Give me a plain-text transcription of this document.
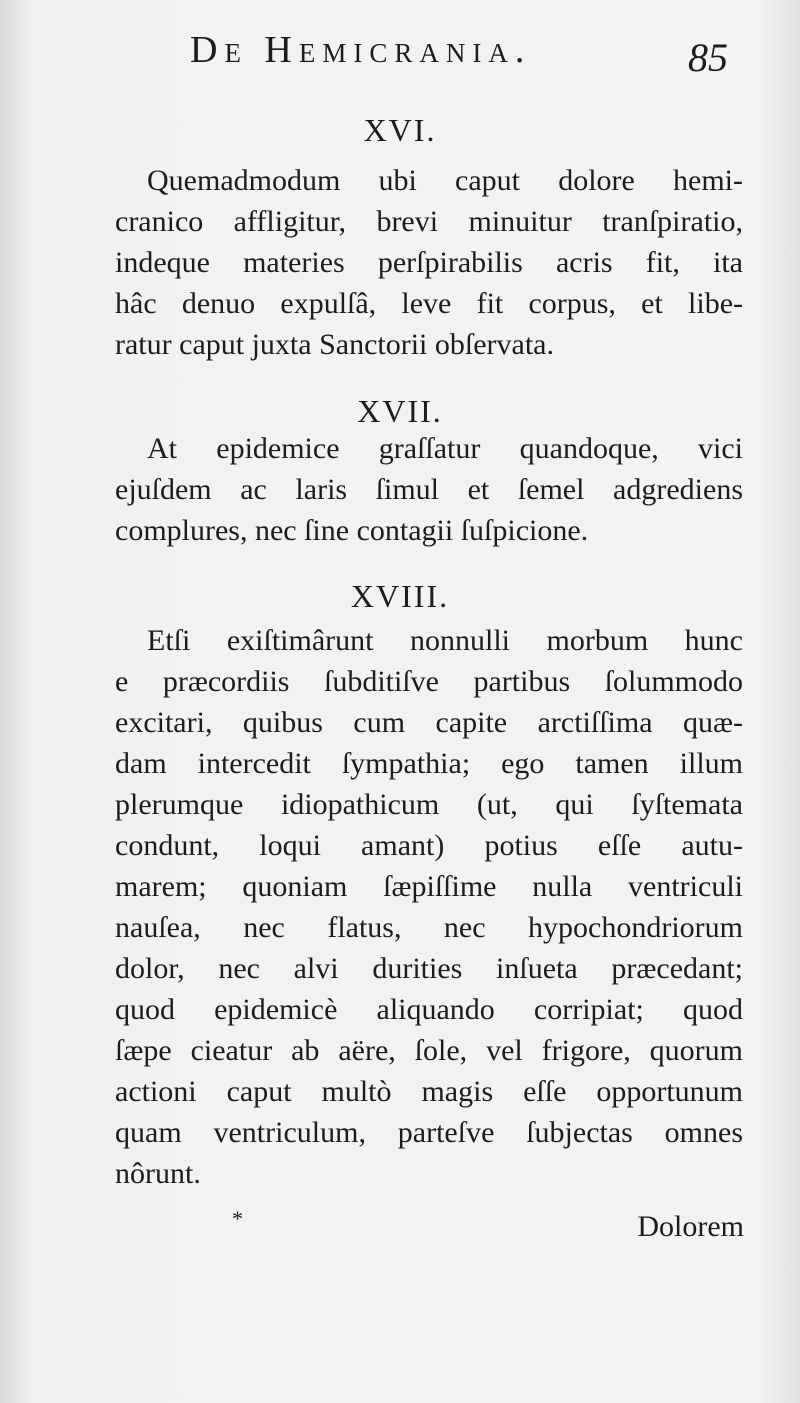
De Hemicrania.	85
XVI.
Quemadmodum ubi caput dolore hemi-
cranico affligitur, brevi minuitur tranſpiratio,
indeque materies perſpirabilis acris fit, ita
hâc denuo expulſâ, leve fit corpus, et libe-
ratur caput juxta Sanctorii obſervata.
XVII.
At epidemice graſſatur quandoque, vici
ejuſdem ac laris ſimul et ſemel adgrediens
complures, nec ſine contagii ſuſpicione.
XVIII.
Etſi exiſtimârunt nonnulli morbum hunc
e præcordiis ſubditiſve partibus ſolummodo
excitari, quibus cum capite arctiſſima quæ-
dam intercedit ſympathia; ego tamen illum
plerumque idiopathicum (ut, qui ſyſtemata
condunt, loqui amant) potius eſſe autu-
marem; quoniam ſæpiſſime nulla ventriculi
nauſea, nec flatus, nec hypochondriorum
dolor, nec alvi durities inſueta præcedant;
quod epidemicè aliquando corripiat; quod
ſæpe cieatur ab aëre, ſole, vel frigore, quorum
actioni caput multò magis eſſe opportunum
quam ventriculum, parteſve ſubjectas omnes
nôrunt.
*	Dolorem
